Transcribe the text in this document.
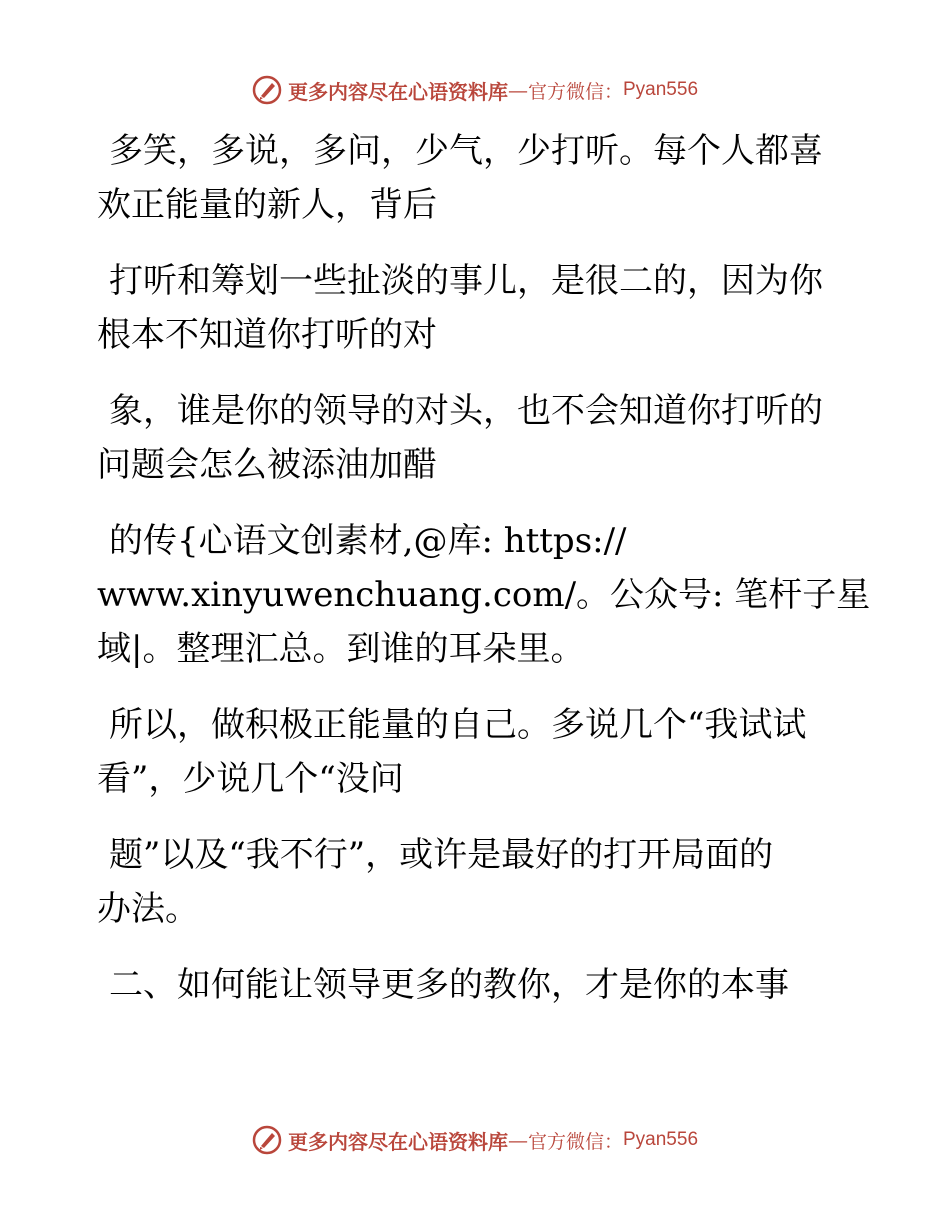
更多内容尽在心语资料库 — 官方微信： Pyan556
多笑，多说，多问，少气，少打听。每个人都喜
欢正能量的新人，背后
打听和筹划一些扯淡的事儿，是很二的，因为你
根本不知道你打听的对
象，谁是你的领导的对头，也不会知道你打听的
问题会怎么被添油加醋
的传{心语文创素材,@库: https://
www.xinyuwenchuang.com/。公众号: 笔杆子星
域|。整理汇总。到谁的耳朵里。
所以，做积极正能量的自己。多说几个“我试试
看”，少说几个“没问
题”以及“我不行”，或许是最好的打开局面的
办法。
二、如何能让领导更多的教你，才是你的本事
更多内容尽在心语资料库 — 官方微信： Pyan556
